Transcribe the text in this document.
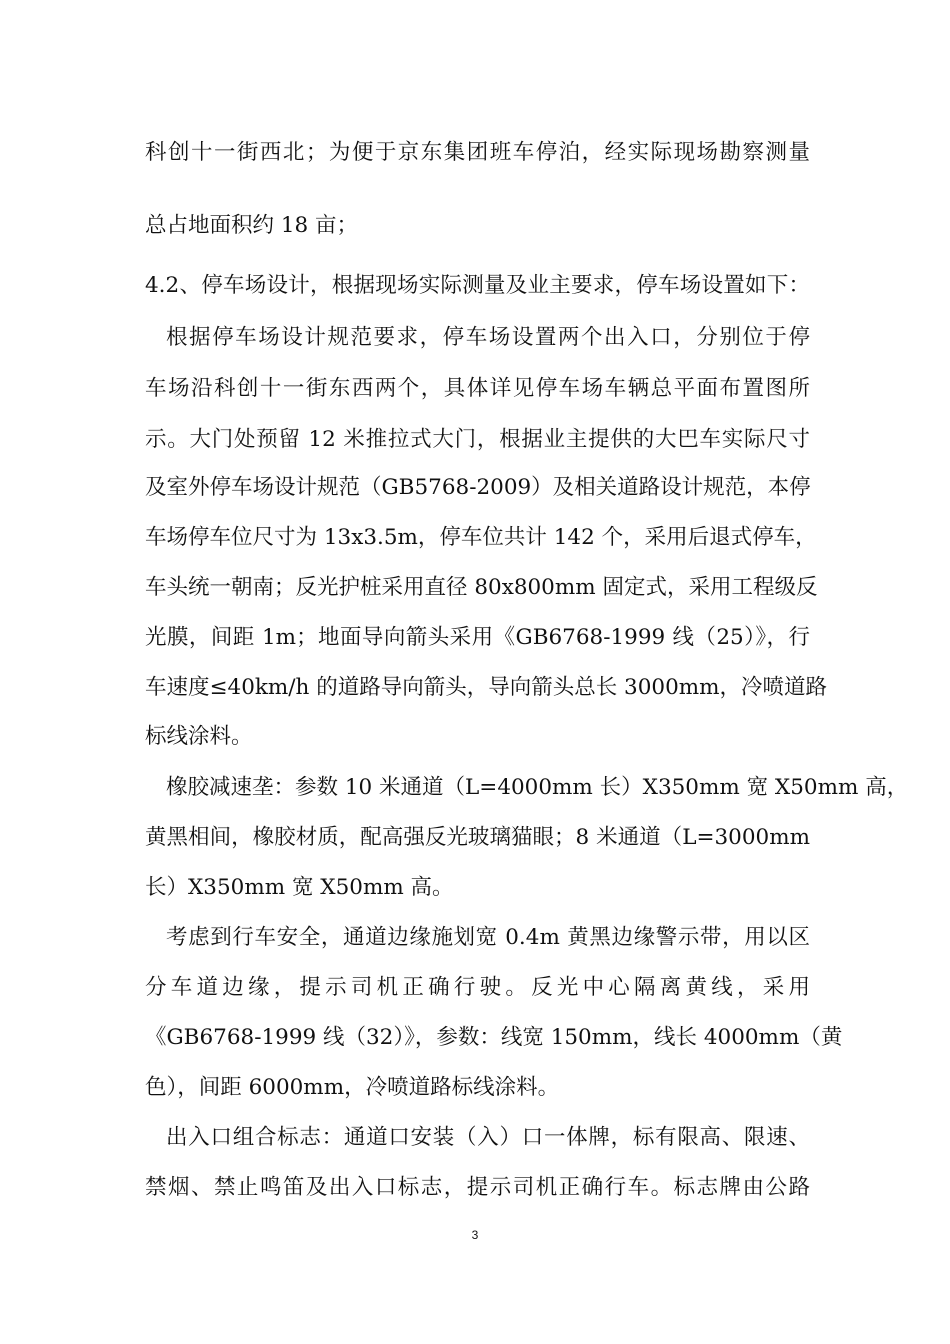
科创十一街西北；为便于京东集团班车停泊，经实际现场勘察测量
总占地面积约 18 亩；
4.2、停车场设计，根据现场实际测量及业主要求，停车场设置如下：
根据停车场设计规范要求，停车场设置两个出入口，分别位于停
车场沿科创十一街东西两个，具体详见停车场车辆总平面布置图所
示。大门处预留 12 米推拉式大门，根据业主提供的大巴车实际尺寸
及室外停车场设计规范（GB5768-2009）及相关道路设计规范，本停
车场停车位尺寸为 13x3.5m，停车位共计 142 个，采用后退式停车，
车头统一朝南；反光护桩采用直径 80x800mm 固定式，采用工程级反
光膜，间距 1m；地面导向箭头采用《GB6768-1999 线（25）》，行
车速度≤40km/h 的道路导向箭头，导向箭头总长 3000mm，冷喷道路
标线涂料。
橡胶减速垄：参数 10 米通道（L=4000mm 长）X350mm 宽 X50mm 高，
黄黑相间，橡胶材质，配高强反光玻璃猫眼；8 米通道（L=3000mm
长）X350mm 宽 X50mm 高。
考虑到行车安全，通道边缘施划宽 0.4m 黄黑边缘警示带，用以区
分车道边缘，提示司机正确行驶。反光中心隔离黄线，采用
《GB6768-1999 线（32）》，参数：线宽 150mm，线长 4000mm（黄
色），间距 6000mm，冷喷道路标线涂料。
出入口组合标志：通道口安装（入）口一体牌，标有限高、限速、
禁烟、禁止鸣笛及出入口标志，提示司机正确行车。标志牌由公路
3
